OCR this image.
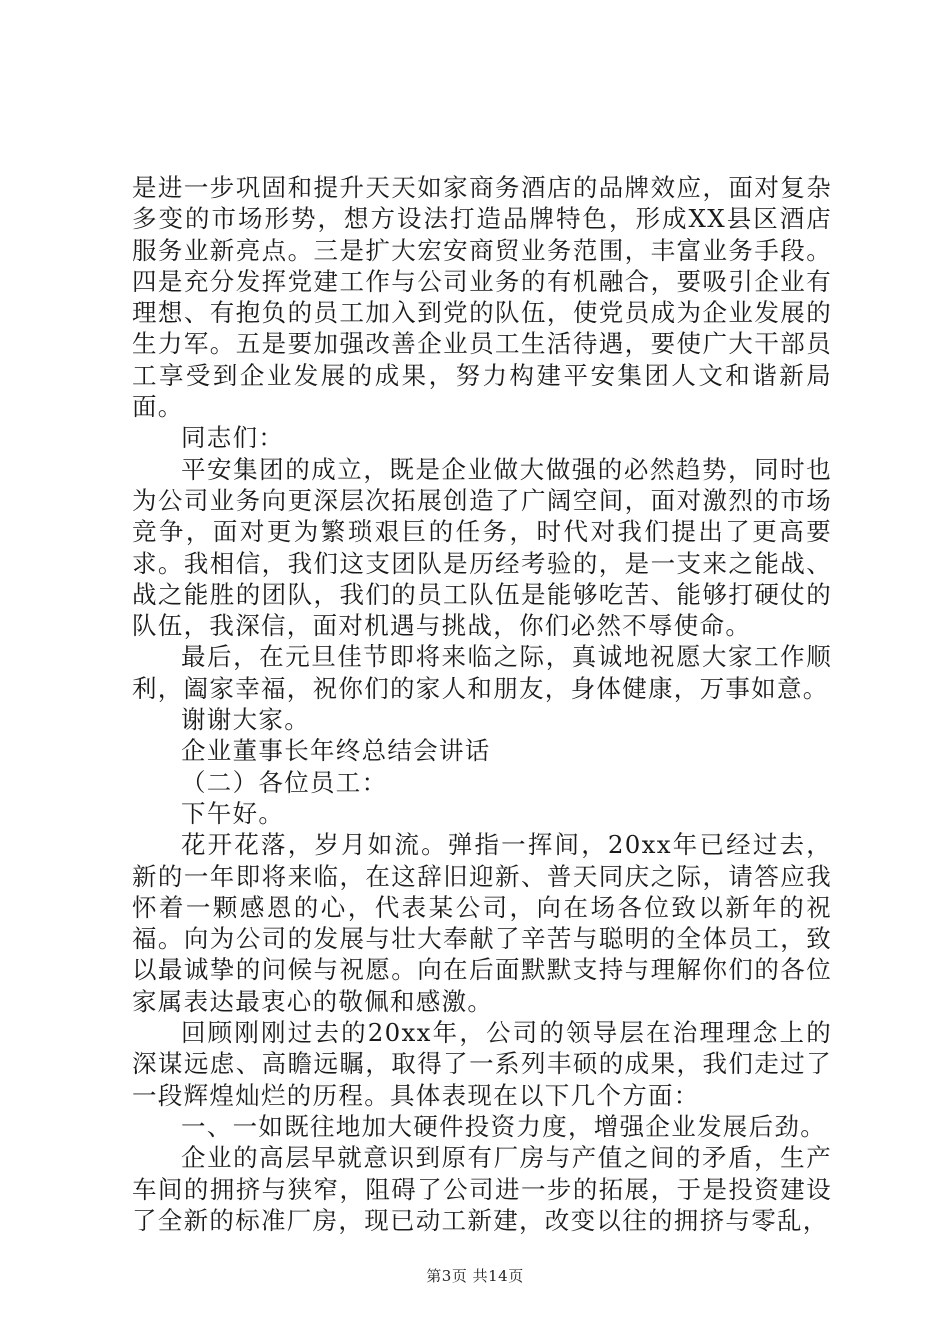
是进一步巩固和提升天天如家商务酒店的品牌效应，面对复杂多变的市场形势，想方设法打造品牌特色，形成XX县区酒店服务业新亮点。三是扩大宏安商贸业务范围，丰富业务手段。四是充分发挥党建工作与公司业务的有机融合，要吸引企业有理想、有抱负的员工加入到党的队伍，使党员成为企业发展的生力军。五是要加强改善企业员工生活待遇，要使广大干部员工享受到企业发展的成果，努力构建平安集团人文和谐新局面。

同志们：

平安集团的成立，既是企业做大做强的必然趋势，同时也为公司业务向更深层次拓展创造了广阔空间，面对激烈的市场竞争，面对更为繁琐艰巨的任务，时代对我们提出了更高要求。我相信，我们这支团队是历经考验的，是一支来之能战、战之能胜的团队，我们的员工队伍是能够吃苦、能够打硬仗的队伍，我深信，面对机遇与挑战，你们必然不辱使命。

最后，在元旦佳节即将来临之际，真诚地祝愿大家工作顺利，阖家幸福，祝你们的家人和朋友，身体健康，万事如意。

谢谢大家。

企业董事长年终总结会讲话

（二）各位员工：

下午好。

花开花落，岁月如流。弹指一挥间，20xx年已经过去，新的一年即将来临，在这辞旧迎新、普天同庆之际，请答应我怀着一颗感恩的心，代表某公司，向在场各位致以新年的祝福。向为公司的发展与壮大奉献了辛苦与聪明的全体员工，致以最诚挚的问候与祝愿。向在后面默默支持与理解你们的各位家属表达最衷心的敬佩和感激。

回顾刚刚过去的20xx年，公司的领导层在治理理念上的深谋远虑、高瞻远瞩，取得了一系列丰硕的成果，我们走过了一段辉煌灿烂的历程。具体表现在以下几个方面：

一、一如既往地加大硬件投资力度，增强企业发展后劲。

企业的高层早就意识到原有厂房与产值之间的矛盾，生产车间的拥挤与狭窄，阻碍了公司进一步的拓展，于是投资建设了全新的标准厂房，现已动工新建，改变以往的拥挤与零乱，

第3页 共14页
